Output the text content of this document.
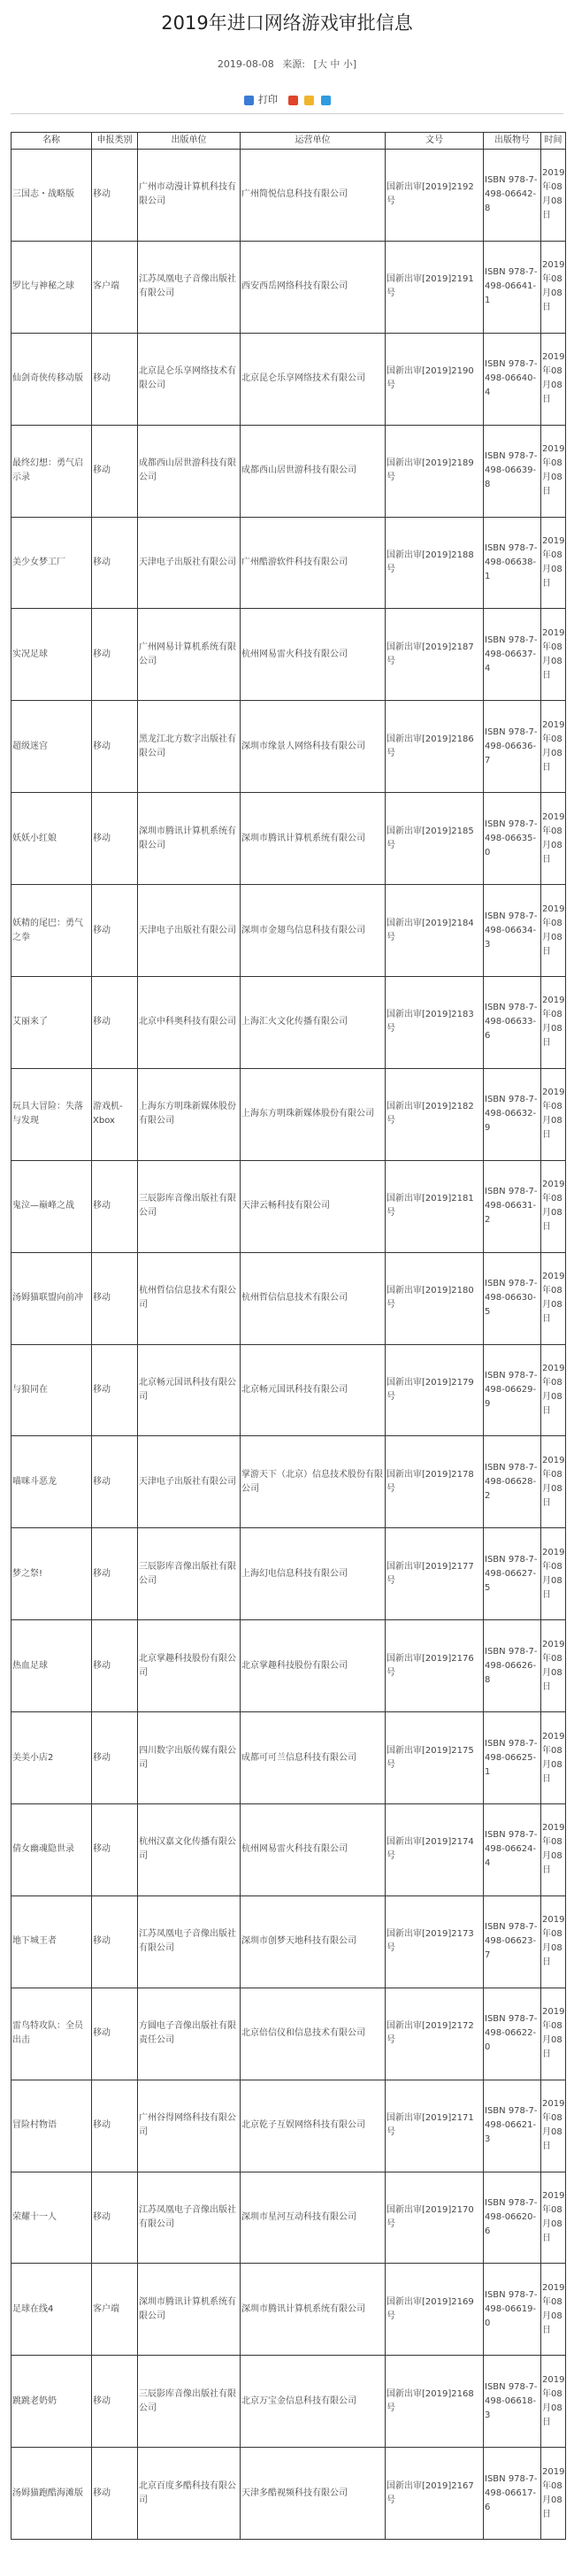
2019年进口网络游戏审批信息
2019-08-08 来源: [大 中 小]
打印
名称	申报类别	出版单位	运营单位	文号	出版物号	时间
三国志・战略版	移动	广州市动漫计算机科技有限公司	广州简悦信息科技有限公司	国新出审[2019]2192号	ISBN 978-7-498-06642-8	2019年08月08日
罗比与神秘之球	客户端	江苏凤凰电子音像出版社有限公司	西安西岳网络科技有限公司	国新出审[2019]2191号	ISBN 978-7-498-06641-1	2019年08月08日
仙剑奇侠传移动版	移动	北京昆仑乐享网络技术有限公司	北京昆仑乐享网络技术有限公司	国新出审[2019]2190号	ISBN 978-7-498-06640-4	2019年08月08日
最终幻想：勇气启示录	移动	成都西山居世游科技有限公司	成都西山居世游科技有限公司	国新出审[2019]2189号	ISBN 978-7-498-06639-8	2019年08月08日
美少女梦工厂	移动	天津电子出版社有限公司	广州酷游软件科技有限公司	国新出审[2019]2188号	ISBN 978-7-498-06638-1	2019年08月08日
实况足球	移动	广州网易计算机系统有限公司	杭州网易雷火科技有限公司	国新出审[2019]2187号	ISBN 978-7-498-06637-4	2019年08月08日
超级迷宫	移动	黑龙江北方数字出版社有限公司	深圳市缘景人网络科技有限公司	国新出审[2019]2186号	ISBN 978-7-498-06636-7	2019年08月08日
妖妖小红娘	移动	深圳市腾讯计算机系统有限公司	深圳市腾讯计算机系统有限公司	国新出审[2019]2185号	ISBN 978-7-498-06635-0	2019年08月08日
妖精的尾巴：勇气之拳	移动	天津电子出版社有限公司	深圳市金翅鸟信息科技有限公司	国新出审[2019]2184号	ISBN 978-7-498-06634-3	2019年08月08日
艾丽来了	移动	北京中科奥科技有限公司	上海汇火文化传播有限公司	国新出审[2019]2183号	ISBN 978-7-498-06633-6	2019年08月08日
玩具大冒险：失落与发现	游戏机-Xbox	上海东方明珠新媒体股份有限公司	上海东方明珠新媒体股份有限公司	国新出审[2019]2182号	ISBN 978-7-498-06632-9	2019年08月08日
鬼泣—巅峰之战	移动	三辰影库音像出版社有限公司	天津云畅科技有限公司	国新出审[2019]2181号	ISBN 978-7-498-06631-2	2019年08月08日
汤姆猫联盟向前冲	移动	杭州哲信信息技术有限公司	杭州哲信信息技术有限公司	国新出审[2019]2180号	ISBN 978-7-498-06630-5	2019年08月08日
与狼同在	移动	北京畅元国讯科技有限公司	北京畅元国讯科技有限公司	国新出审[2019]2179号	ISBN 978-7-498-06629-9	2019年08月08日
喵咪斗恶龙	移动	天津电子出版社有限公司	掌游天下（北京）信息技术股份有限公司	国新出审[2019]2178号	ISBN 978-7-498-06628-2	2019年08月08日
梦之祭!	移动	三辰影库音像出版社有限公司	上海幻电信息科技有限公司	国新出审[2019]2177号	ISBN 978-7-498-06627-5	2019年08月08日
热血足球	移动	北京掌趣科技股份有限公司	北京掌趣科技股份有限公司	国新出审[2019]2176号	ISBN 978-7-498-06626-8	2019年08月08日
美美小店2	移动	四川数字出版传媒有限公司	成都可可兰信息科技有限公司	国新出审[2019]2175号	ISBN 978-7-498-06625-1	2019年08月08日
倩女幽魂隐世录	移动	杭州汉嘉文化传播有限公司	杭州网易雷火科技有限公司	国新出审[2019]2174号	ISBN 978-7-498-06624-4	2019年08月08日
地下城王者	移动	江苏凤凰电子音像出版社有限公司	深圳市创梦天地科技有限公司	国新出审[2019]2173号	ISBN 978-7-498-06623-7	2019年08月08日
雷鸟特攻队：全员出击	移动	方圆电子音像出版社有限责任公司	北京倍信仪和信息技术有限公司	国新出审[2019]2172号	ISBN 978-7-498-06622-0	2019年08月08日
冒险村物语	移动	广州谷得网络科技有限公司	北京乾子互娱网络科技有限公司	国新出审[2019]2171号	ISBN 978-7-498-06621-3	2019年08月08日
荣耀十一人	移动	江苏凤凰电子音像出版社有限公司	深圳市星河互动科技有限公司	国新出审[2019]2170号	ISBN 978-7-498-06620-6	2019年08月08日
足球在线4	客户端	深圳市腾讯计算机系统有限公司	深圳市腾讯计算机系统有限公司	国新出审[2019]2169号	ISBN 978-7-498-06619-0	2019年08月08日
跳跳老奶奶	移动	三辰影库音像出版社有限公司	北京万宝金信息科技有限公司	国新出审[2019]2168号	ISBN 978-7-498-06618-3	2019年08月08日
汤姆猫跑酷海滩版	移动	北京百度多酷科技有限公司	天津多酷视频科技有限公司	国新出审[2019]2167号	ISBN 978-7-498-06617-6	2019年08月08日
